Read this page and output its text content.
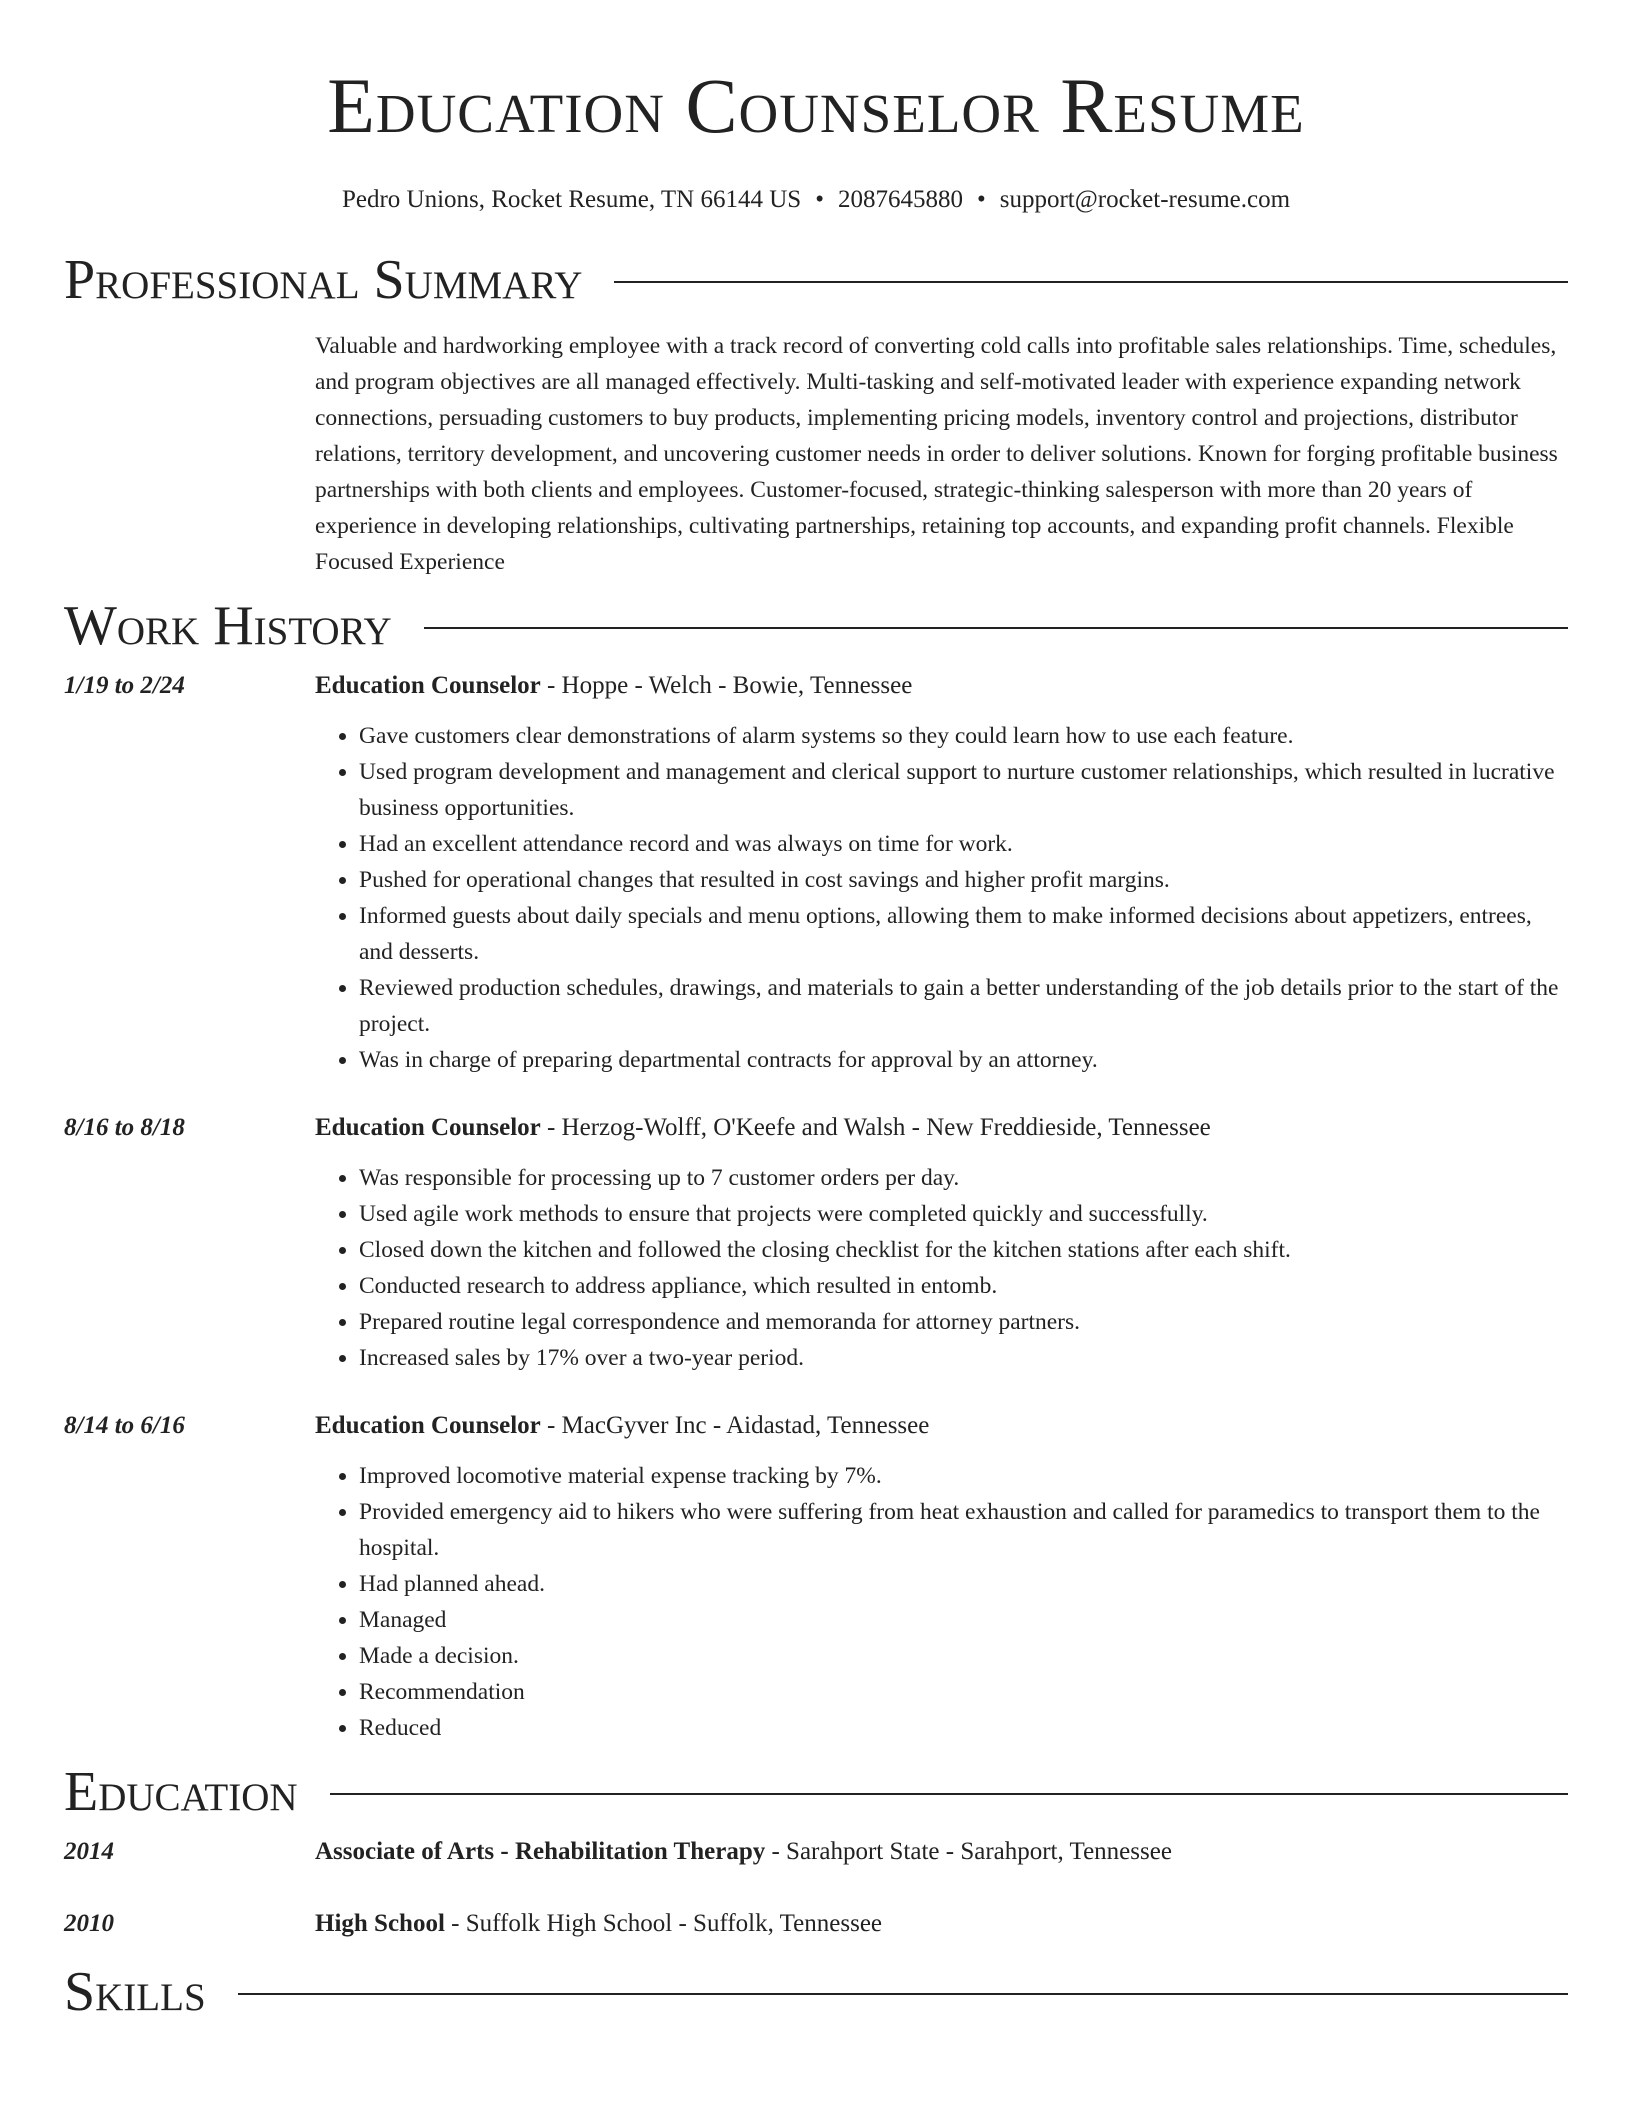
Education Counselor Resume
Pedro Unions, Rocket Resume, TN 66144 US • 2087645880 • support@rocket-resume.com
Professional Summary
Valuable and hardworking employee with a track record of converting cold calls into profitable sales relationships. Time, schedules, and program objectives are all managed effectively. Multi-tasking and self-motivated leader with experience expanding network connections, persuading customers to buy products, implementing pricing models, inventory control and projections, distributor relations, territory development, and uncovering customer needs in order to deliver solutions. Known for forging profitable business partnerships with both clients and employees. Customer-focused, strategic-thinking salesperson with more than 20 years of experience in developing relationships, cultivating partnerships, retaining top accounts, and expanding profit channels. Flexible Focused Experience
Work History
1/19 to 2/24	Education Counselor - Hoppe - Welch - Bowie, Tennessee
• Gave customers clear demonstrations of alarm systems so they could learn how to use each feature.
• Used program development and management and clerical support to nurture customer relationships, which resulted in lucrative business opportunities.
• Had an excellent attendance record and was always on time for work.
• Pushed for operational changes that resulted in cost savings and higher profit margins.
• Informed guests about daily specials and menu options, allowing them to make informed decisions about appetizers, entrees, and desserts.
• Reviewed production schedules, drawings, and materials to gain a better understanding of the job details prior to the start of the project.
• Was in charge of preparing departmental contracts for approval by an attorney.
8/16 to 8/18	Education Counselor - Herzog-Wolff, O'Keefe and Walsh - New Freddieside, Tennessee
• Was responsible for processing up to 7 customer orders per day.
• Used agile work methods to ensure that projects were completed quickly and successfully.
• Closed down the kitchen and followed the closing checklist for the kitchen stations after each shift.
• Conducted research to address appliance, which resulted in entomb.
• Prepared routine legal correspondence and memoranda for attorney partners.
• Increased sales by 17% over a two-year period.
8/14 to 6/16	Education Counselor - MacGyver Inc - Aidastad, Tennessee
• Improved locomotive material expense tracking by 7%.
• Provided emergency aid to hikers who were suffering from heat exhaustion and called for paramedics to transport them to the hospital.
• Had planned ahead.
• Managed
• Made a decision.
• Recommendation
• Reduced
Education
2014	Associate of Arts - Rehabilitation Therapy - Sarahport State - Sarahport, Tennessee
2010	High School - Suffolk High School - Suffolk, Tennessee
Skills
